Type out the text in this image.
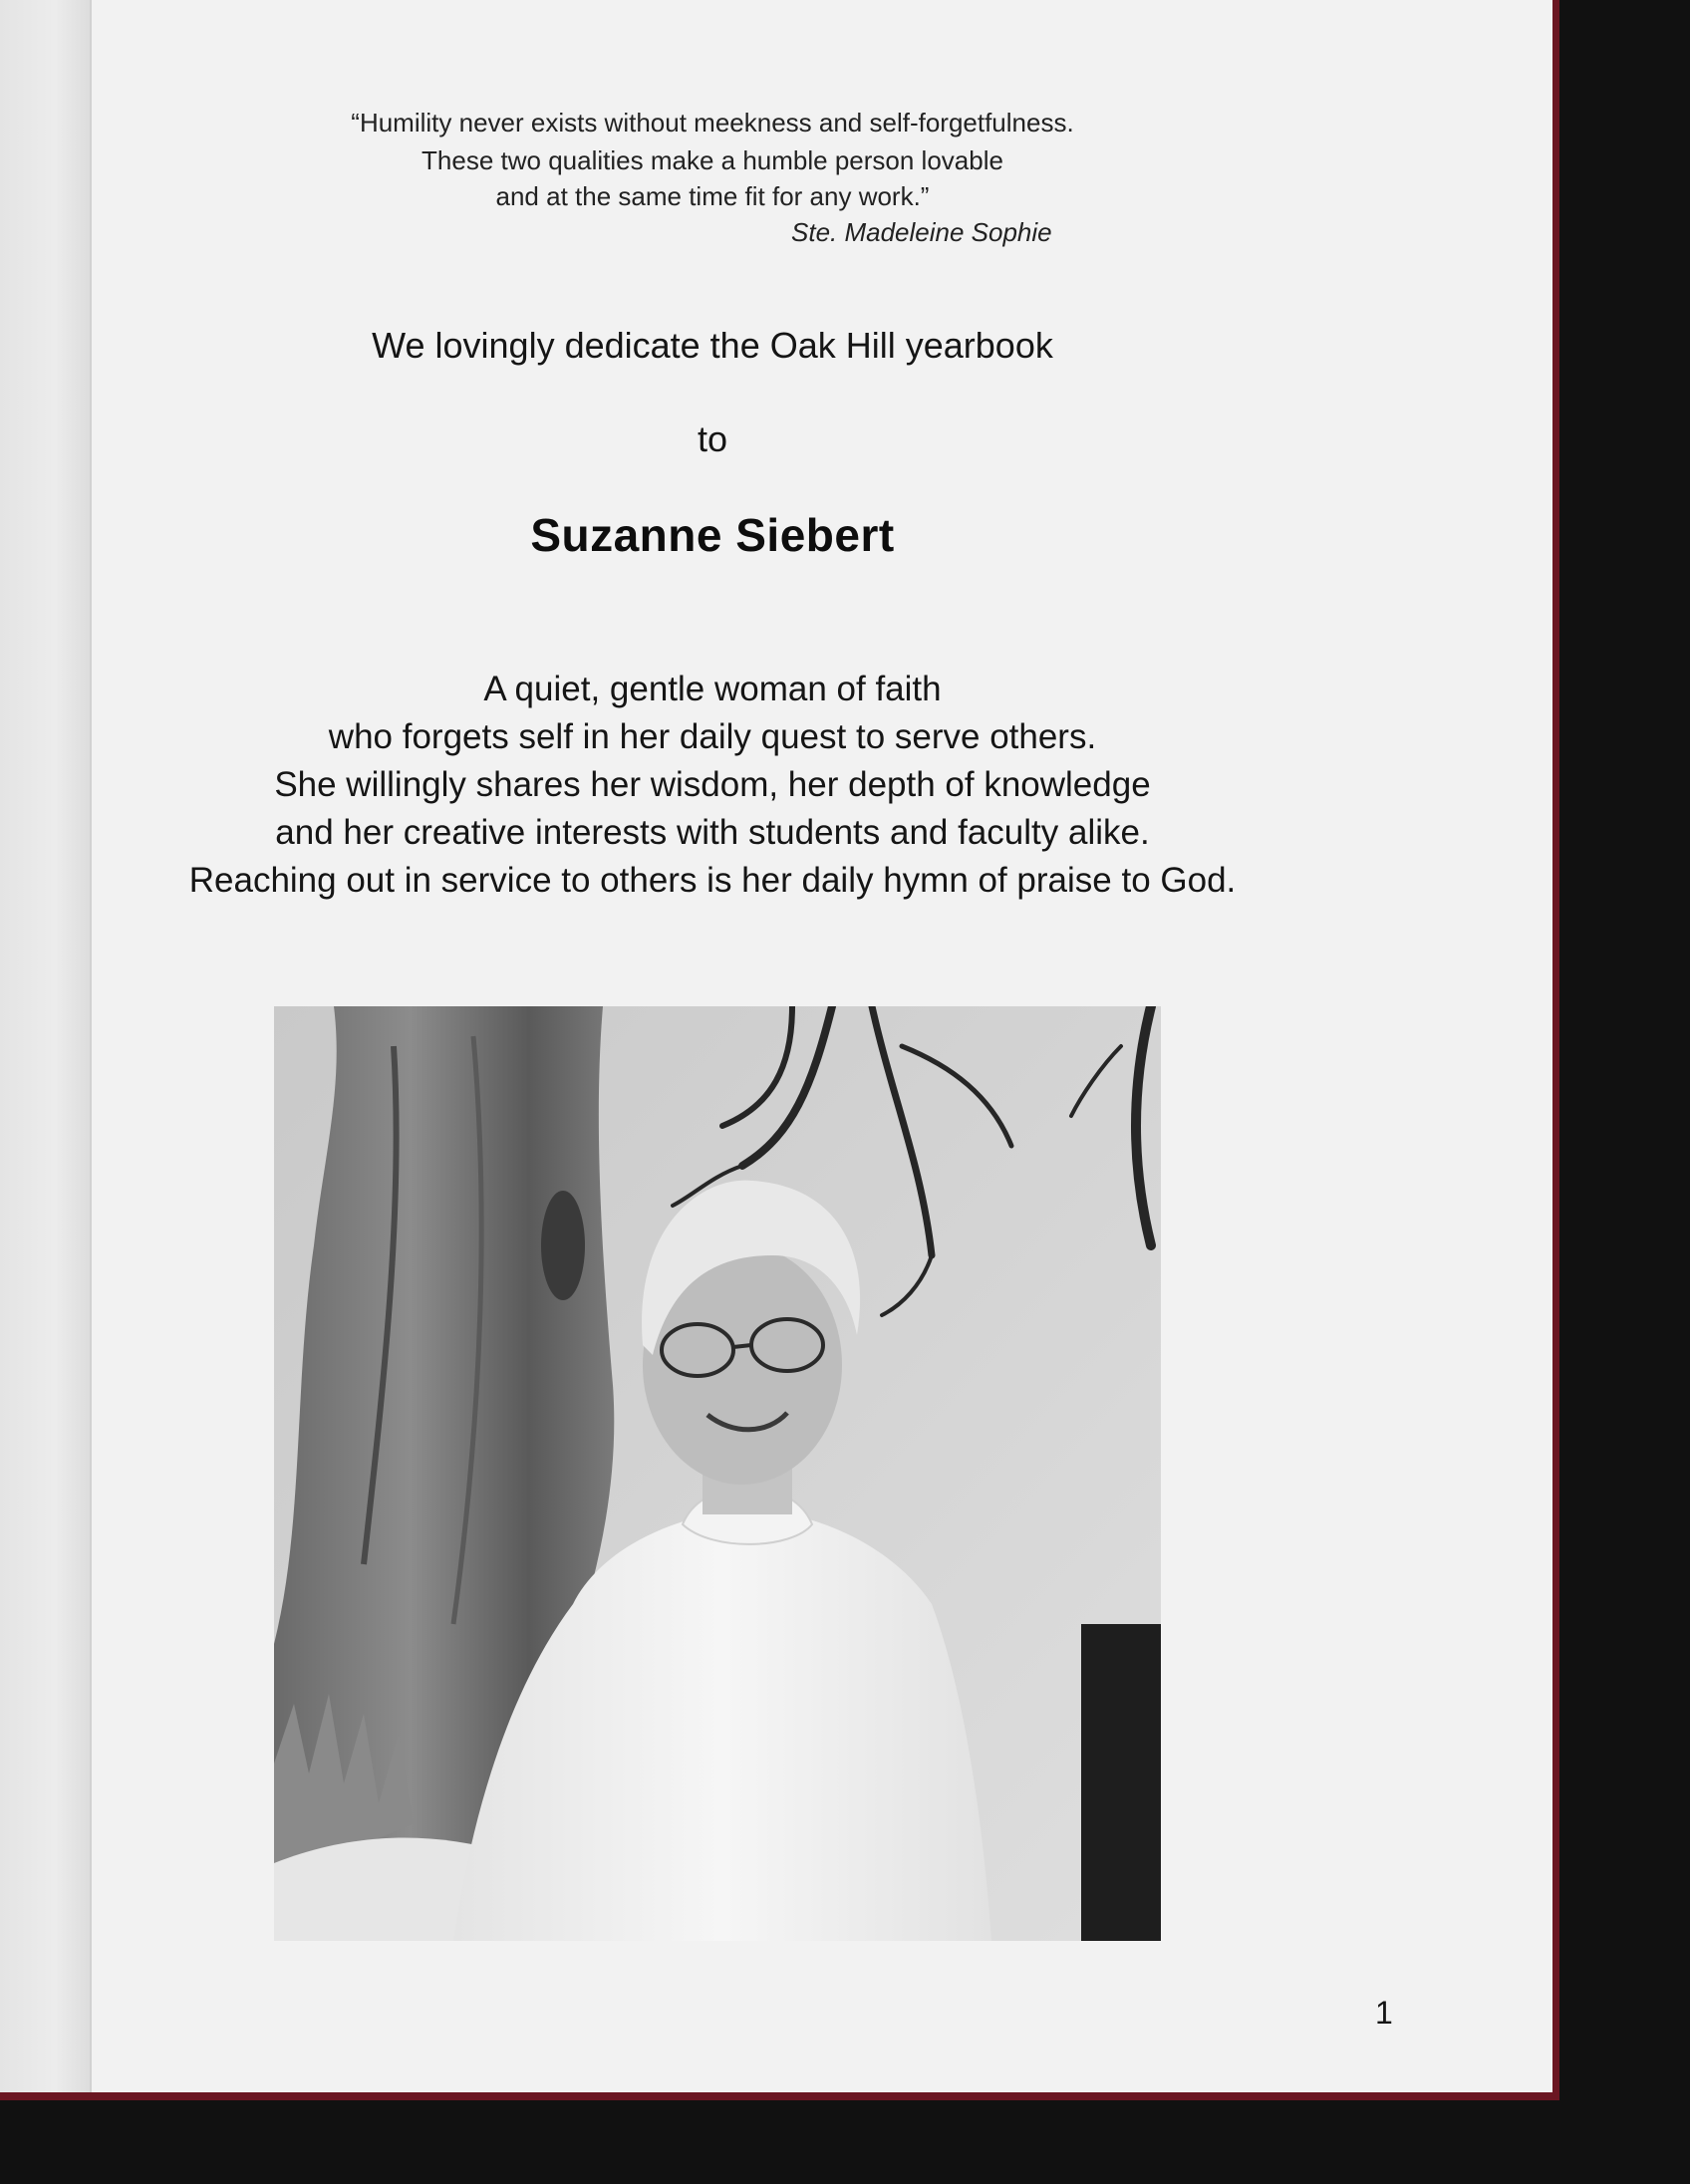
“Humility never exists without meekness and self-forgetfulness.
These two qualities make a humble person lovable
and at the same time fit for any work.”
Ste. Madeleine Sophie
We lovingly dedicate the Oak Hill yearbook
to
Suzanne Siebert
A quiet, gentle woman of faith
who forgets self in her daily quest to serve others.
She willingly shares her wisdom, her depth of knowledge
and her creative interests with students and faculty alike.
Reaching out in service to others is her daily hymn of praise to God.
1
